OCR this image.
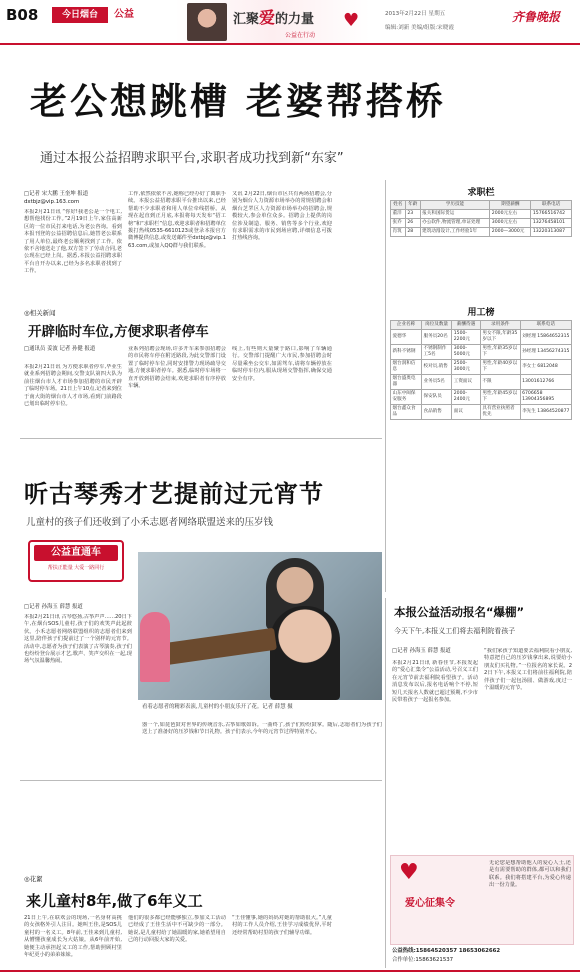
B08	今日烟台	公益	汇聚爱的力量
公益在行动
♥	2013年2月22日 星期五
编辑:刘新 美编/组版:宋晓霞
齐鲁晚报
老公想跳槽 老婆帮搭桥
通过本报公益招聘求职平台,求职者成功找到新“东家”
□记者 宋大鹏 王奎坤 报道
dxtbjz@vip.163.com
本报2月21日讯 “你好!我老公是一个电工,想帮他找份工作。”2月19日上午,家住高新区的一位市民打来电话,为老公咨询。看到本报刊登的公益招聘信息后,她替老公联系了用人单位,最终老公顺利找到了工作。依依不舍地送走了他,双方签下了劳动合同,老公现在已经上岗。据悉,本报公益招聘求职平台自开办以来,已经为多名求职者找到了工作。
工作,依然依依不舍,她称已经办好了离职手续。本报公益招聘求职平台推出以来,已经帮助不少求职者和用人单位牵线搭桥。从现在起直到正月底,本报将每天发布“招工榜”和“求职栏”信息,欢迎求职者和招聘单位拨打热线0535-6610123或登录本报官方微博提供信息,或发送邮件至dxtbjz@vip.163.com,或加入QQ群与我们联系。
又讯 2月22日,烟台市区共有两场招聘会,分别为烟台人力资源市场举办的常规招聘会和烟台芝罘区人力资源市场举办的招聘会,规模较大,参会单位众多。招聘会上提供的岗位涉及制造、服务、销售等多个行业,欢迎有求职需求的市民到场应聘,详细信息可拨打热线咨询。
求职栏
姓名	年龄	学历技能	期望薪酬	联系电话
董洋	23	报关和国际货运	2000元左右	15766516742
张乔	26	办公软件,物流管理,单证处理	3000元左右	13276458101
肖筑	28	建筑动漫设计,工作经验1年	2000—3000元	13220313087
用工榜
企业名称	岗位及数量	薪酬待遇	录用条件	联系电话
爱德华	服务员20名	1500-2200元	男女不限,年龄35岁以下	刘经理 15864652315
新科不锈钢	不锈钢制作工5名	3000-5000元	男性,年龄35岁以下	孙经理 13456274315
烟台润和信息	校对员,销售	2500-3000元	男性,年龄40岁以下	李女士 6812048
烟台盛奥电器	业务员5名	工资面议	不限	13001612766
山东中闽保安服务	保安队员	2000-2400元	男性,年龄45岁以下	6706658 13904356895
烟台鑫众食品	食品销售	面议	具有营业执照者优先	李先生 13864520877
◎相关新闻
开辟临时车位,方便求职者停车
□通讯员 姜波 记者 孙健 报道
本报2月21日讯 为方便求职者停车,毕业生就业系列招聘会期间,交警支队第四大队为前往烟台市人才市场参加招聘的市民开辟了临时停车场。21日上午10点,记者来到位于南大街的烟台市人才市场,看到门前路段已划出临时停车位。
业系列招聘会现场,许多开车来参加招聘会的市民将车停在附近路段,为此交警部门设置了临时停车位,同时安排警力现场疏导交通,方便求职者停车。据悉,临时停车场将一直开放到招聘会结束,欢迎求职者有序停放车辆。
线上,有些则大量聚于路口,影响了车辆通行。交警部门提醒广大市民,参加招聘会时尽量乘坐公交车,如需驾车,请将车辆停放在临时停车位内,服从现场交警指挥,确保交通安全有序。
听古琴秀才艺提前过元宵节
儿童村的孩子们还收到了小禾志愿者网络联盟送来的压岁钱
公益直通车
帮扶正能量 大爱一路同行
看着志愿者的精彩表演,儿童村的小朋友乐开了花。记者 薛慧 摄
□记者 孙海玉 薛慧 报道
本报2月21日讯 古琴悠扬,古筝声声……20日下午,在烟台SOS儿童村,孩子们的欢笑声此起彼伏。小禾志愿者网络联盟组织的志愿者们来到这里,陪伴孩子们提前过了一个别样的元宵节。活动中,志愿者为孩子们表演了古琴演奏,孩子们也纷纷登台展示才艺,歌声、笑声交织在一起,现场气氛温馨热闹。
器一个,如琵琶鼓对世界的传统音乐,古筝如歌如诉。一曲终了,孩子们纷纷鼓掌。随后,志愿者们为孩子们送上了准备好的压岁钱和节日礼物。孩子们表示,今年的元宵节过得特别开心。
◎花絮
来儿童村8年,做了6年义工
21日上午,在联欢会的现场,一名身材高挑的女孩格外引人注目。她叫王佳,是SOS儿童村的一名义工。8年前,王佳来到儿童村,从懵懂孩童成长为大姑娘。从6年前开始,她便主动承担起义工的工作,帮助照顾村里年纪更小的弟弟妹妹。
他们的很多都已经能够独立,参加义工活动已经成了王佳生活中不可缺少的一部分。她说,是儿童村给了她温暖的家,她希望用自己的行动回报大家的关爱。
“王佳懂事,她的妈妈对她的帮助很大。”儿童村的工作人员介绍,王佳学习成绩优异,平时还经常帮助村里的孩子们辅导功课。
本报公益活动报名“爆棚”
今天下午,本报义工们将去福利院看孩子
□记者 孙海玉 薛慧 报道
本报2月21日讯 新春佳节,本报发起的“爱心汇集令”公益活动,号召义工们在元宵节前去福利院看望孩子。活动消息发布以后,报名电话响个不停,短短几天报名人数就已超过预期,不少市民带着孩子一起报名参加。
“我们家孩子知道要去福利院看小朋友,特意把自己的压岁钱拿出来,说要给小朋友们买礼物。”一位报名的家长说。22日下午,本报义工们将前往福利院,陪伴孩子们一起包汤圆、做游戏,度过一个温暖的元宵节。
♥
爱心征集令
无论您是想帮助他人的爱心人士,还是有需要帮助的群体,都可以和我们联系。我们将搭建平台,为爱心传递出一份力量。
公益热线:15864520357 18653062662
合作单位:15863621537
